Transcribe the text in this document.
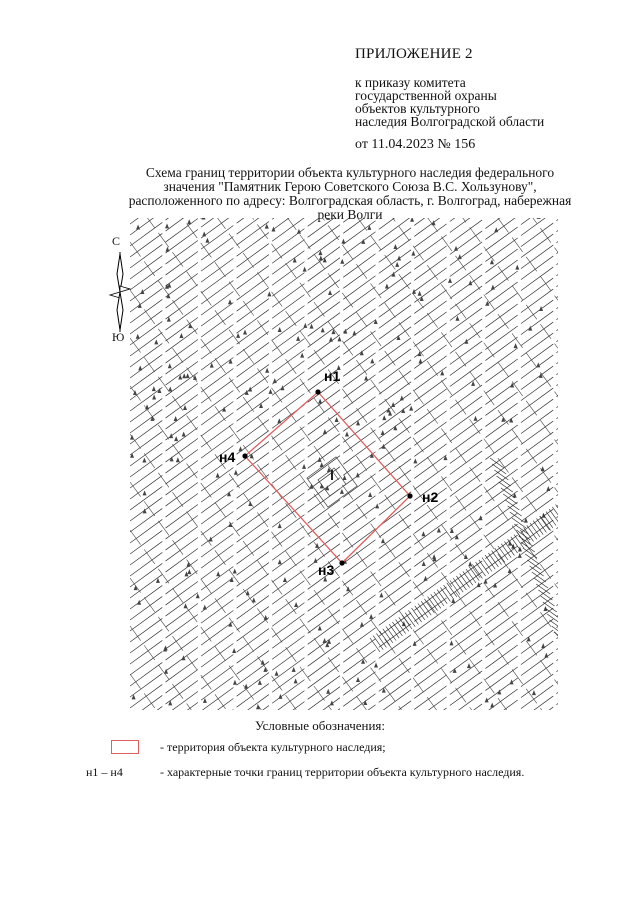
ПРИЛОЖЕНИЕ 2
к приказу комитета
государственной охраны
объектов культурного
наследия Волгоградской области
от 11.04.2023 № 156
Схема границ территории объекта культурного наследия федерального
значения "Памятник Герою Советского Союза В.С. Хользунову",
расположенного по адресу: Волгоградская область, г. Волгоград, набережная
реки Волги
С
Ю
н1
н2
н3
н4
Условные обозначения:
- территория объекта культурного наследия;
н1 – н4	- характерные точки границ территории объекта культурного наследия.
